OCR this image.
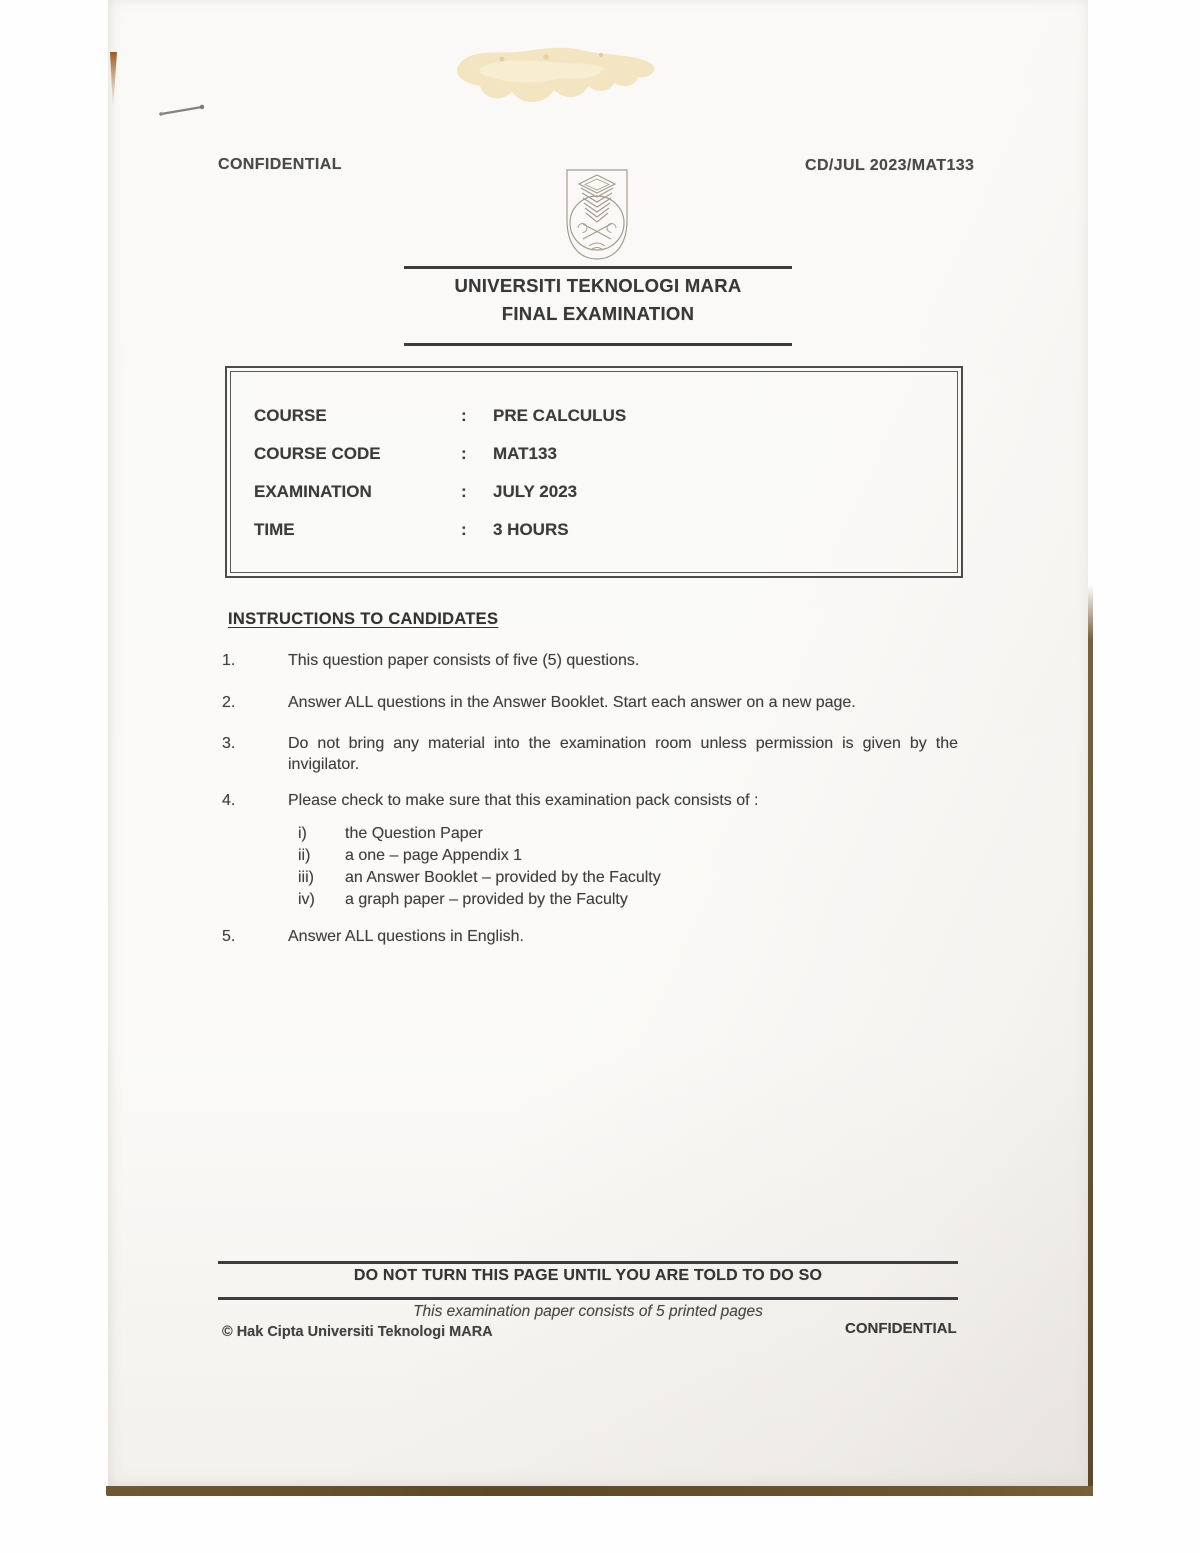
CONFIDENTIAL	CD/JUL 2023/MAT133
UNIVERSITI TEKNOLOGI MARA
FINAL EXAMINATION
COURSE	:	PRE CALCULUS
COURSE CODE	:	MAT133
EXAMINATION	:	JULY 2023
TIME	:	3 HOURS
INSTRUCTIONS TO CANDIDATES
1.	This question paper consists of five (5) questions.
2.	Answer ALL questions in the Answer Booklet. Start each answer on a new page.
3.	Do not bring any material into the examination room unless permission is given by the invigilator.
4.	Please check to make sure that this examination pack consists of :
i)	the Question Paper
ii)	a one – page Appendix 1
iii)	an Answer Booklet – provided by the Faculty
iv)	a graph paper – provided by the Faculty
5.	Answer ALL questions in English.
DO NOT TURN THIS PAGE UNTIL YOU ARE TOLD TO DO SO
This examination paper consists of 5 printed pages
© Hak Cipta Universiti Teknologi MARA	CONFIDENTIAL
